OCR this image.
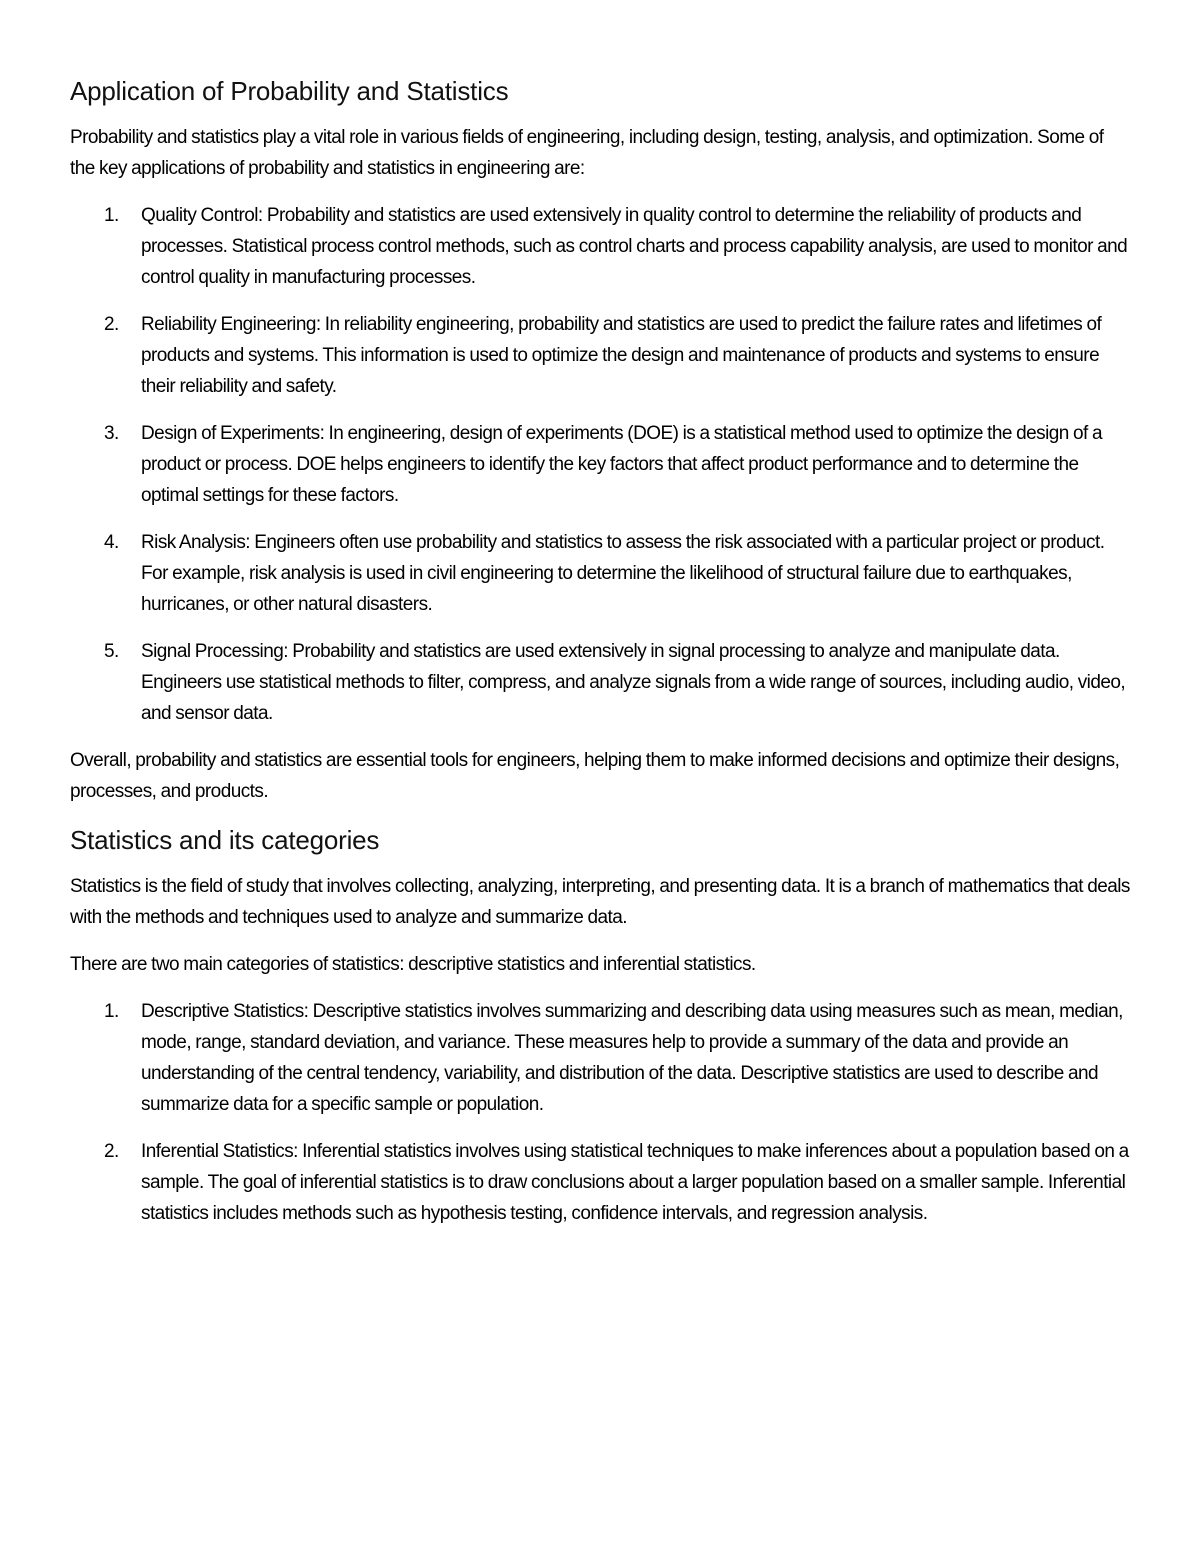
Application of Probability and Statistics

Probability and statistics play a vital role in various fields of engineering, including design, testing, analysis, and optimization. Some of the key applications of probability and statistics in engineering are:

1. Quality Control: Probability and statistics are used extensively in quality control to determine the reliability of products and processes. Statistical process control methods, such as control charts and process capability analysis, are used to monitor and control quality in manufacturing processes.
2. Reliability Engineering: In reliability engineering, probability and statistics are used to predict the failure rates and lifetimes of products and systems. This information is used to optimize the design and maintenance of products and systems to ensure their reliability and safety.
3. Design of Experiments: In engineering, design of experiments (DOE) is a statistical method used to optimize the design of a product or process. DOE helps engineers to identify the key factors that affect product performance and to determine the optimal settings for these factors.
4. Risk Analysis: Engineers often use probability and statistics to assess the risk associated with a particular project or product. For example, risk analysis is used in civil engineering to determine the likelihood of structural failure due to earthquakes, hurricanes, or other natural disasters.
5. Signal Processing: Probability and statistics are used extensively in signal processing to analyze and manipulate data. Engineers use statistical methods to filter, compress, and analyze signals from a wide range of sources, including audio, video, and sensor data.

Overall, probability and statistics are essential tools for engineers, helping them to make informed decisions and optimize their designs, processes, and products.

Statistics and its categories

Statistics is the field of study that involves collecting, analyzing, interpreting, and presenting data. It is a branch of mathematics that deals with the methods and techniques used to analyze and summarize data.

There are two main categories of statistics: descriptive statistics and inferential statistics.

1. Descriptive Statistics: Descriptive statistics involves summarizing and describing data using measures such as mean, median, mode, range, standard deviation, and variance. These measures help to provide a summary of the data and provide an understanding of the central tendency, variability, and distribution of the data. Descriptive statistics are used to describe and summarize data for a specific sample or population.
2. Inferential Statistics: Inferential statistics involves using statistical techniques to make inferences about a population based on a sample. The goal of inferential statistics is to draw conclusions about a larger population based on a smaller sample. Inferential statistics includes methods such as hypothesis testing, confidence intervals, and regression analysis.
